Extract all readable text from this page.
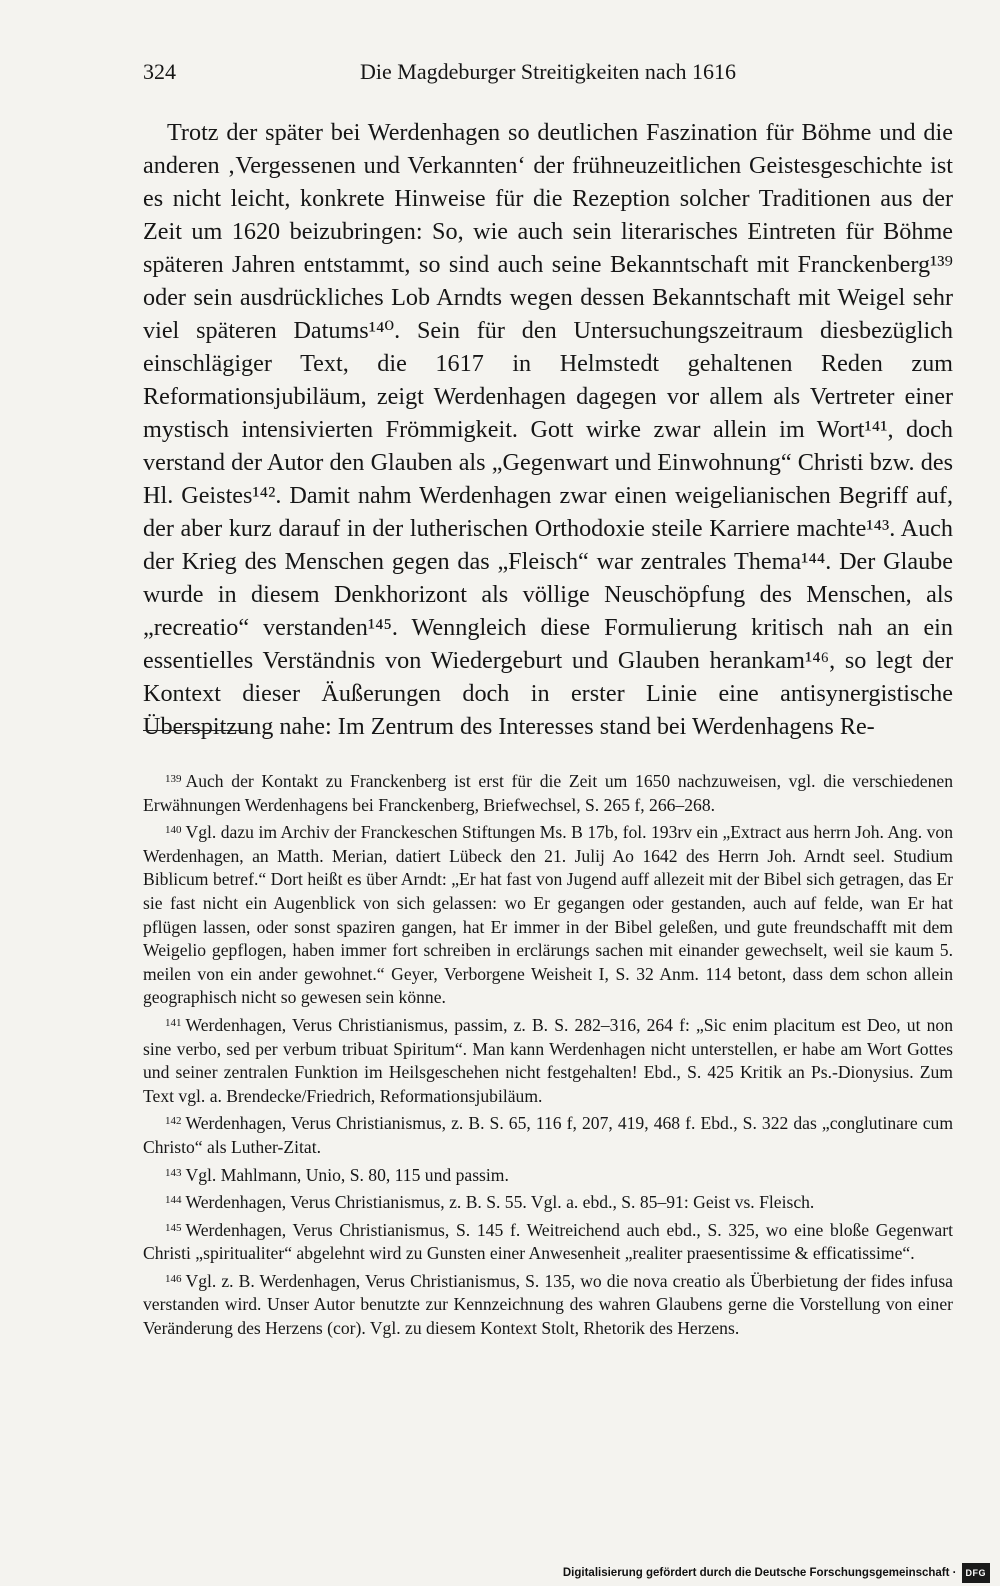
324	Die Magdeburger Streitigkeiten nach 1616

Trotz der später bei Werdenhagen so deutlichen Faszination für Böhme und die anderen ‚Vergessenen und Verkannten‘ der frühneuzeitlichen Geistesgeschichte ist es nicht leicht, konkrete Hinweise für die Rezeption solcher Traditionen aus der Zeit um 1620 beizubringen: So, wie auch sein literarisches Eintreten für Böhme späteren Jahren entstammt, so sind auch seine Bekanntschaft mit Franckenberg¹³⁹ oder sein ausdrückliches Lob Arndts wegen dessen Bekanntschaft mit Weigel sehr viel späteren Datums¹⁴⁰. Sein für den Untersuchungszeitraum diesbezüglich einschlägiger Text, die 1617 in Helmstedt gehaltenen Reden zum Reformationsjubiläum, zeigt Werdenhagen dagegen vor allem als Vertreter einer mystisch intensivierten Frömmigkeit. Gott wirke zwar allein im Wort¹⁴¹, doch verstand der Autor den Glauben als „Gegenwart und Einwohnung“ Christi bzw. des Hl. Geistes¹⁴². Damit nahm Werdenhagen zwar einen weigelianischen Begriff auf, der aber kurz darauf in der lutherischen Orthodoxie steile Karriere machte¹⁴³. Auch der Krieg des Menschen gegen das „Fleisch“ war zentrales Thema¹⁴⁴. Der Glaube wurde in diesem Denkhorizont als völlige Neuschöpfung des Menschen, als „recreatio“ verstanden¹⁴⁵. Wenngleich diese Formulierung kritisch nah an ein essentielles Verständnis von Wiedergeburt und Glauben herankam¹⁴⁶, so legt der Kontext dieser Äußerungen doch in erster Linie eine antisynergistische Überspitzung nahe: Im Zentrum des Interesses stand bei Werdenhagens Re-

$^{139}$ Auch der Kontakt zu Franckenberg ist erst für die Zeit um 1650 nachzuweisen, vgl. die verschiedenen Erwähnungen Werdenhagens bei Franckenberg, Briefwechsel, S. 265 f, 266–268.

$^{140}$ Vgl. dazu im Archiv der Franckeschen Stiftungen Ms. B 17b, fol. 193rv ein „Extract aus herrn Joh. Ang. von Werdenhagen, an Matth. Merian, datiert Lübeck den 21. Julij Ao 1642 des Herrn Joh. Arndt seel. Studium Biblicum betref.“ Dort heißt es über Arndt: „Er hat fast von Jugend auff allezeit mit der Bibel sich getragen, das Er sie fast nicht ein Augenblick von sich gelassen: wo Er gegangen oder gestanden, auch auf felde, wan Er hat pflügen lassen, oder sonst spaziren gangen, hat Er immer in der Bibel geleßen, und gute freundschafft mit dem Weigelio gepflogen, haben immer fort schreiben in erclärungs sachen mit einander gewechselt, weil sie kaum 5. meilen von ein ander gewohnet.“ Geyer, Verborgene Weisheit I, S. 32 Anm. 114 betont, dass dem schon allein geographisch nicht so gewesen sein könne.

$^{141}$ Werdenhagen, Verus Christianismus, passim, z. B. S. 282–316, 264 f: „Sic enim placitum est Deo, ut non sine verbo, sed per verbum tribuat Spiritum“. Man kann Werdenhagen nicht unterstellen, er habe am Wort Gottes und seiner zentralen Funktion im Heilsgeschehen nicht festgehalten! Ebd., S. 425 Kritik an Ps.-Dionysius. Zum Text vgl. a. Brendecke/Friedrich, Reformationsjubiläum.

$^{142}$ Werdenhagen, Verus Christianismus, z. B. S. 65, 116 f, 207, 419, 468 f. Ebd., S. 322 das „conglutinare cum Christo“ als Luther-Zitat.

$^{143}$ Vgl. Mahlmann, Unio, S. 80, 115 und passim.

$^{144}$ Werdenhagen, Verus Christianismus, z. B. S. 55. Vgl. a. ebd., S. 85–91: Geist vs. Fleisch.

$^{145}$ Werdenhagen, Verus Christianismus, S. 145 f. Weitreichend auch ebd., S. 325, wo eine bloße Gegenwart Christi „spiritualiter“ abgelehnt wird zu Gunsten einer Anwesenheit „realiter praesentissime & efficatissime“.

$^{146}$ Vgl. z. B. Werdenhagen, Verus Christianismus, S. 135, wo die nova creatio als Überbietung der fides infusa verstanden wird. Unser Autor benutzte zur Kennzeichnung des wahren Glaubens gerne die Vorstellung von einer Veränderung des Herzens (cor). Vgl. zu diesem Kontext Stolt, Rhetorik des Herzens.

Digitalisierung gefördert durch die Deutsche Forschungsgemeinschaft ·	DFG
